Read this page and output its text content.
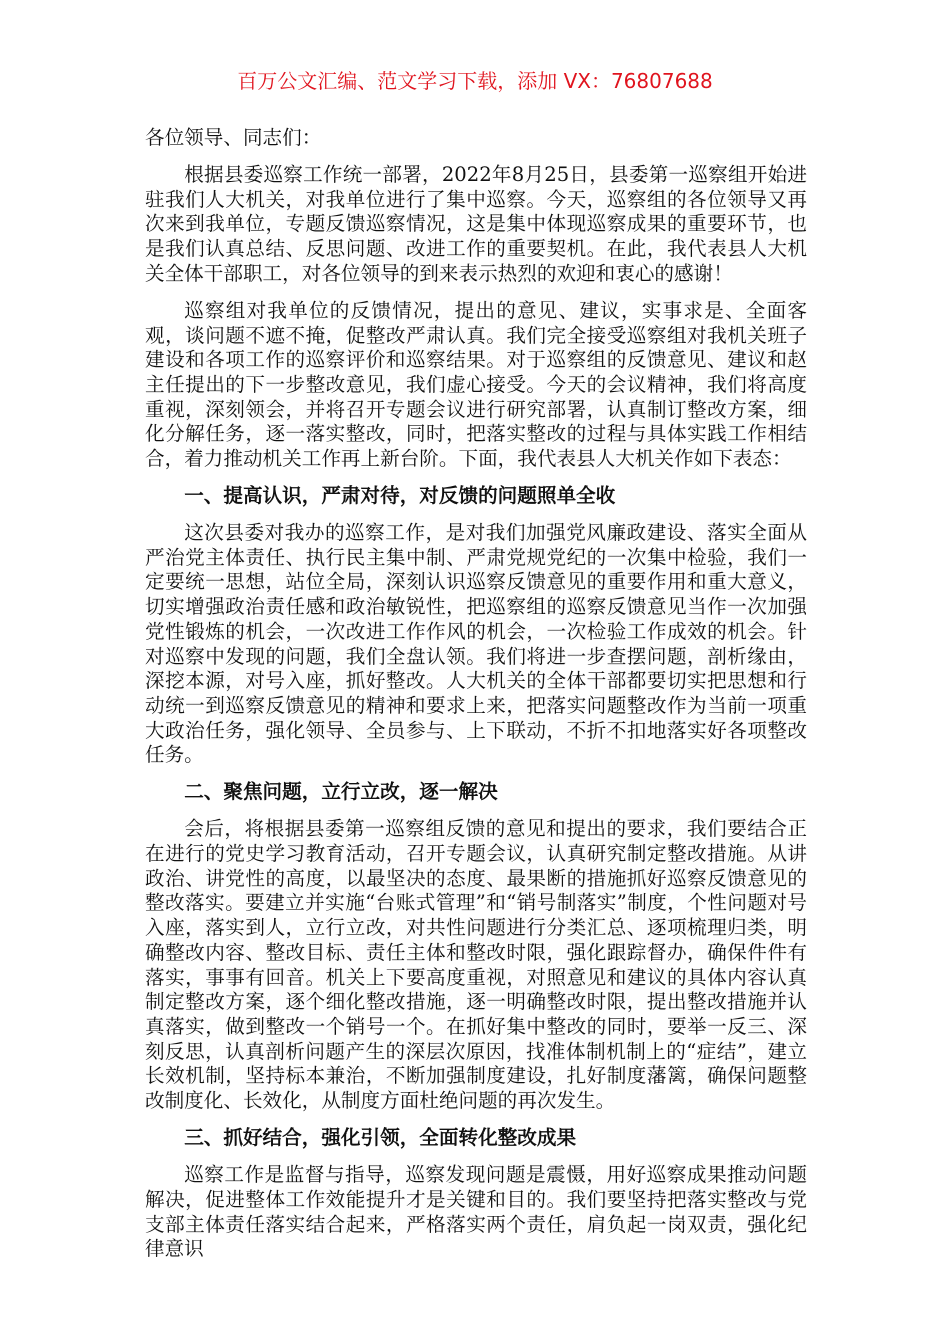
百万公文汇编、范文学习下载，添加 VX：76807688

各位领导、同志们：

根据县委巡察工作统一部署，2022年8月25日，县委第一巡察组开始进驻我们人大机关，对我单位进行了集中巡察。今天，巡察组的各位领导又再次来到我单位，专题反馈巡察情况，这是集中体现巡察成果的重要环节，也是我们认真总结、反思问题、改进工作的重要契机。在此，我代表县人大机关全体干部职工，对各位领导的到来表示热烈的欢迎和衷心的感谢！

巡察组对我单位的反馈情况，提出的意见、建议，实事求是、全面客观，谈问题不遮不掩，促整改严肃认真。我们完全接受巡察组对我机关班子建设和各项工作的巡察评价和巡察结果。对于巡察组的反馈意见、建议和赵主任提出的下一步整改意见，我们虚心接受。今天的会议精神，我们将高度重视，深刻领会，并将召开专题会议进行研究部署，认真制订整改方案，细化分解任务，逐一落实整改，同时，把落实整改的过程与具体实践工作相结合，着力推动机关工作再上新台阶。下面，我代表县人大机关作如下表态：

一、提高认识，严肃对待，对反馈的问题照单全收

这次县委对我办的巡察工作，是对我们加强党风廉政建设、落实全面从严治党主体责任、执行民主集中制、严肃党规党纪的一次集中检验，我们一定要统一思想，站位全局，深刻认识巡察反馈意见的重要作用和重大意义，切实增强政治责任感和政治敏锐性，把巡察组的巡察反馈意见当作一次加强党性锻炼的机会，一次改进工作作风的机会，一次检验工作成效的机会。针对巡察中发现的问题，我们全盘认领。我们将进一步查摆问题，剖析缘由，深挖本源，对号入座，抓好整改。人大机关的全体干部都要切实把思想和行动统一到巡察反馈意见的精神和要求上来，把落实问题整改作为当前一项重大政治任务，强化领导、全员参与、上下联动，不折不扣地落实好各项整改任务。

二、聚焦问题，立行立改，逐一解决

会后，将根据县委第一巡察组反馈的意见和提出的要求，我们要结合正在进行的党史学习教育活动，召开专题会议，认真研究制定整改措施。从讲政治、讲党性的高度，以最坚决的态度、最果断的措施抓好巡察反馈意见的整改落实。要建立并实施“台账式管理”和“销号制落实”制度，个性问题对号入座，落实到人，立行立改，对共性问题进行分类汇总、逐项梳理归类，明确整改内容、整改目标、责任主体和整改时限，强化跟踪督办，确保件件有落实，事事有回音。机关上下要高度重视，对照意见和建议的具体内容认真制定整改方案，逐个细化整改措施，逐一明确整改时限，提出整改措施并认真落实，做到整改一个销号一个。在抓好集中整改的同时，要举一反三、深刻反思，认真剖析问题产生的深层次原因，找准体制机制上的“症结”，建立长效机制，坚持标本兼治，不断加强制度建设，扎好制度藩篱，确保问题整改制度化、长效化，从制度方面杜绝问题的再次发生。

三、抓好结合，强化引领，全面转化整改成果

巡察工作是监督与指导，巡察发现问题是震慑，用好巡察成果推动问题解决，促进整体工作效能提升才是关键和目的。我们要坚持把落实整改与党支部主体责任落实结合起来，严格落实两个责任，肩负起一岗双责，强化纪律意识
